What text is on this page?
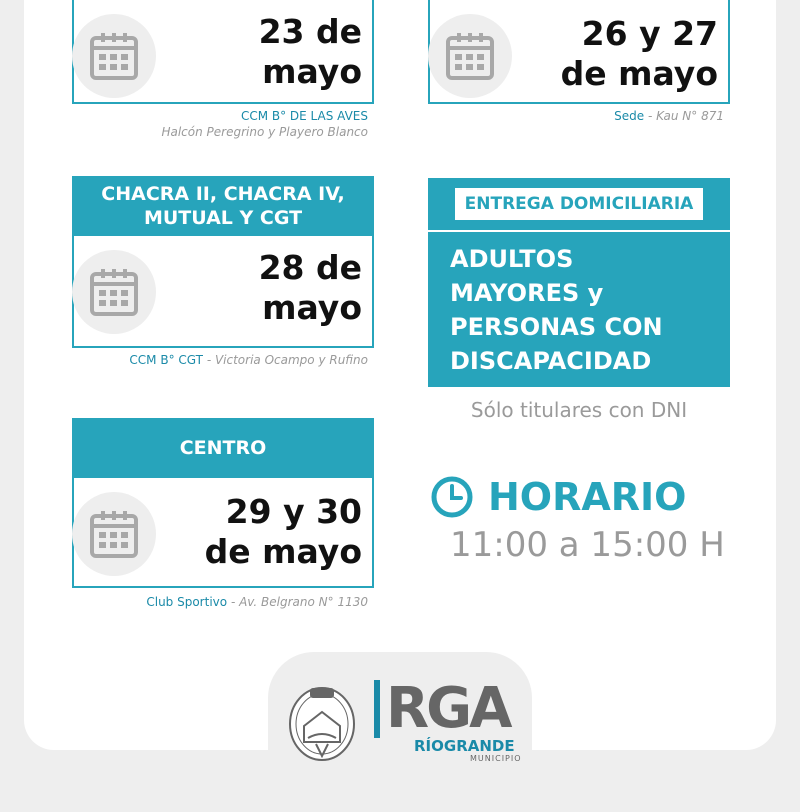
23 de
mayo
CCM B° DE LAS AVES
Halcón Peregrino y Playero Blanco
26 y 27
de mayo
Sede - Kau N° 871
CHACRA II, CHACRA IV,
MUTUAL Y CGT
28 de
mayo
CCM B° CGT - Victoria Ocampo y Rufino
CENTRO
29 y 30
de mayo
Club Sportivo - Av. Belgrano N° 1130
ENTREGA DOMICILIARIA
ADULTOS
MAYORES y
PERSONAS CON
DISCAPACIDAD
Sólo titulares con DNI
HORARIO
11:00 a 15:00 H
RGA
RÍOGRANDE
MUNICIPIO
